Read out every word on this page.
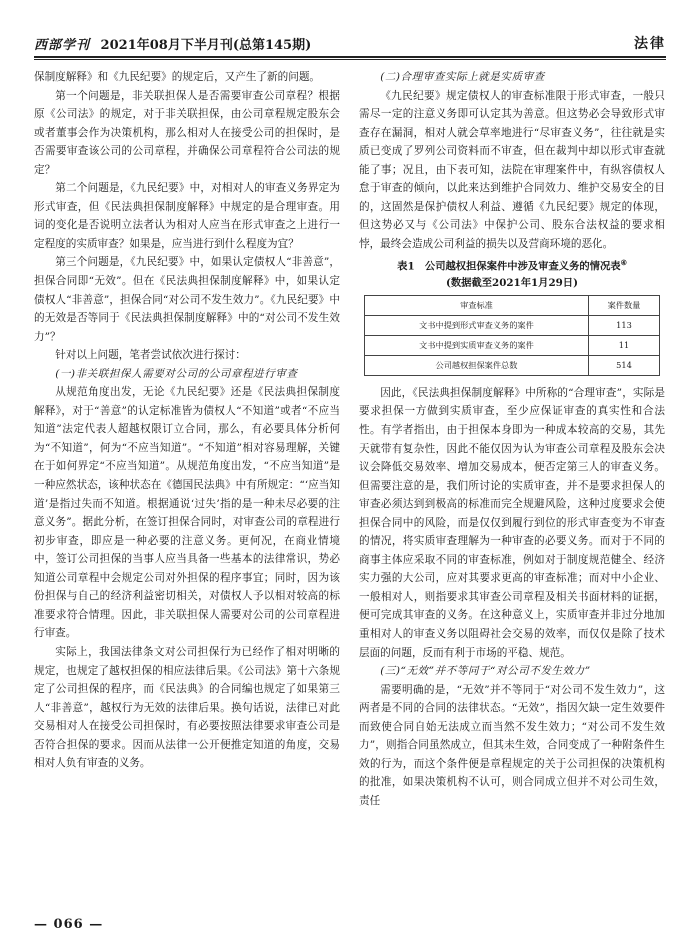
西部学刊 2021年08月下半月刊(总第145期)	法律

保制度解释》和《九民纪要》的规定后，又产生了新的问题。

第一个问题是，非关联担保人是否需要审查公司章程？根据原《公司法》的规定，对于非关联担保，由公司章程规定股东会或者董事会作为决策机构，那么相对人在接受公司的担保时，是否需要审查该公司的公司章程，并确保公司章程符合公司法的规定？

第二个问题是，《九民纪要》中，对相对人的审查义务界定为形式审查，但《民法典担保制度解释》中规定的是合理审查。用词的变化是否说明立法者认为相对人应当在形式审查之上进行一定程度的实质审查？如果是，应当进行到什么程度为宜？

第三个问题是，《九民纪要》中，如果认定债权人“非善意”，担保合同即“无效”。但在《民法典担保制度解释》中，如果认定债权人“非善意”，担保合同“对公司不发生效力”。《九民纪要》中的无效是否等同于《民法典担保制度解释》中的“对公司不发生效力”？

针对以上问题，笔者尝试依次进行探讨：

(一)非关联担保人需要对公司的公司章程进行审查

从规范角度出发，无论《九民纪要》还是《民法典担保制度解释》，对于“善意”的认定标准皆为债权人“不知道”或者“不应当知道”法定代表人超越权限订立合同，那么，有必要具体分析何为“不知道”，何为“不应当知道”。“不知道”相对容易理解，关键在于如何界定“不应当知道”。从规范角度出发，“不应当知道”是一种应然状态，该种状态在《德国民法典》中有所规定：“‘应当知道’是指过失而不知道。根据通说‘过失’指的是一种未尽必要的注意义务”。据此分析，在签订担保合同时，对审查公司的章程进行初步审查，即应是一种必要的注意义务。更何况，在商业情境中，签订公司担保的当事人应当具备一些基本的法律常识，势必知道公司章程中会规定公司对外担保的程序事宜；同时，因为该份担保与自己的经济利益密切相关，对债权人予以相对较高的标准要求符合情理。因此，非关联担保人需要对公司的公司章程进行审查。

实际上，我国法律条文对公司担保行为已经作了相对明晰的规定，也规定了越权担保的相应法律后果。《公司法》第十六条规定了公司担保的程序，而《民法典》的合同编也规定了如果第三人“非善意”，越权行为无效的法律后果。换句话说，法律已对此交易相对人在接受公司担保时，有必要按照法律要求审查公司是否符合担保的要求。因而从法律一公开便推定知道的角度，交易相对人负有审查的义务。

(二)合理审查实际上就是实质审查

《九民纪要》规定债权人的审查标准限于形式审查，一般只需尽一定的注意义务即可认定其为善意。但这势必会导致形式审查存在漏洞，相对人就会草率地进行“尽审查义务”，往往就是实质已变成了罗列公司资料而不审查，但在裁判中却以形式审查就能了事；况且，由下表可知，法院在审理案件中，有纵容债权人怠于审查的倾向，以此来达到维护合同效力、维护交易安全的目的，这固然是保护债权人利益、遵循《九民纪要》规定的体现，但这势必又与《公司法》中保护公司、股东合法权益的要求相悖，最终会造成公司利益的损失以及营商环境的恶化。

表1　公司越权担保案件中涉及审查义务的情况表④
(数据截至2021年1月29日)
审查标准	案件数量
文书中提到形式审查义务的案件	113
文书中提到实质审查义务的案件	11
公司越权担保案件总数	514

因此，《民法典担保制度解释》中所称的“合理审查”，实际是要求担保一方做到实质审查，至少应保证审查的真实性和合法性。有学者指出，由于担保本身即为一种成本较高的交易，其先天就带有复杂性，因此不能仅因为认为审查公司章程及股东会决议会降低交易效率、增加交易成本，便否定第三人的审查义务。但需要注意的是，我们所讨论的实质审查，并不是要求担保人的审查必须达到到极高的标准而完全规避风险，这种过度要求会使担保合同中的风险，而是仅仅到履行到位的形式审查变为不审查的情况，将实质审查理解为一种审查的必要义务。而对于不同的商事主体应采取不同的审查标准，例如对于制度规范健全、经济实力强的大公司，应对其要求更高的审查标准；而对中小企业、一般相对人，则指要求其审查公司章程及相关书面材料的证据，便可完成其审查的义务。在这种意义上，实质审查并非过分地加重相对人的审查义务以阻碍社会交易的效率，而仅仅是除了技术层面的问题，反而有利于市场的平稳、规范。

(三)“无效”并不等同于“对公司不发生效力”

需要明确的是，“无效”并不等同于“对公司不发生效力”，这两者是不同的合同的法律状态。“无效”，指因欠缺一定生效要件而致使合同自始无法成立而当然不发生效力；“对公司不发生效力”，则指合同虽然成立，但其未生效，合同变成了一种附条件生效的行为，而这个条件便是章程规定的关于公司担保的决策机构的批准，如果决策机构不认可，则合同成立但并不对公司生效，责任

— 066 —
